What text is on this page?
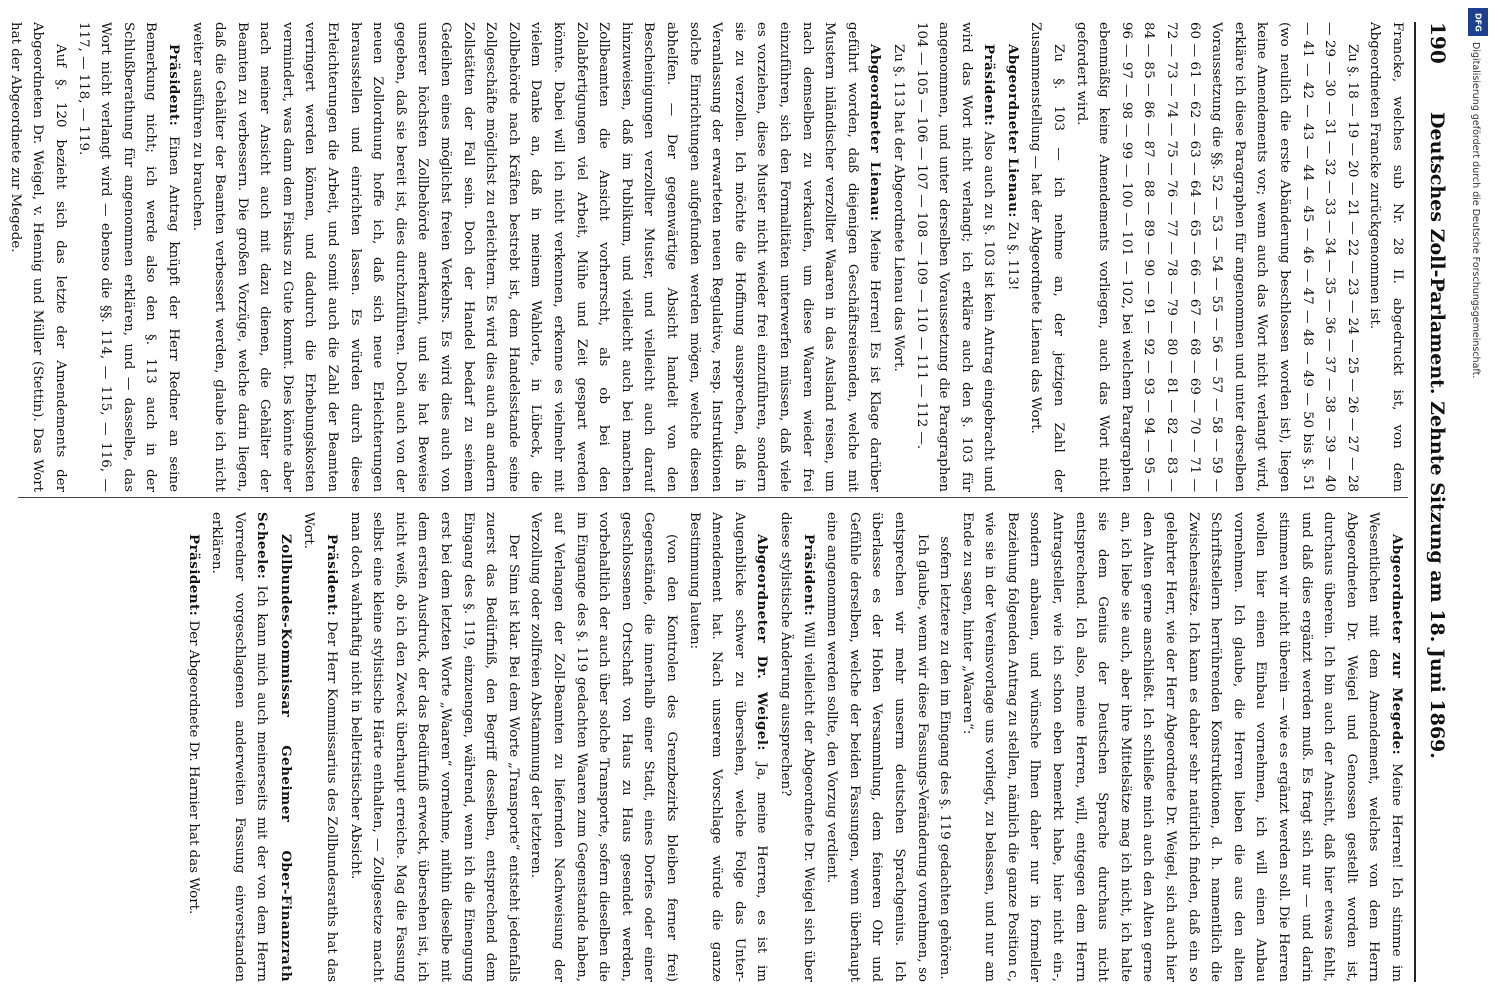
190
Deutsches Zoll-Parlament. Zehnte Sitzung am 18. Juni 1869.

Francke, welches sub Nr. 28 II. abgedruckt ist, von dem Abgeordneten Francke zurückgenommen ist.

Zu §. 18 — 19 — 20 — 21 — 22 — 23 — 24 — 25 — 26 — 27 — 28 — 29 — 30 — 31 — 32 — 33 — 34 — 35 — 36 — 37 — 38 — 39 — 40 — 41 — 42 — 43 — 44 — 45 — 46 — 47 — 48 — 49 — 50 bis §. 51 (wo neulich die erste Abänderung beschlossen worden ist), liegen keine Amendements vor; wenn auch das Wort nicht verlangt wird, erkläre ich diese Paragraphen für angenommen und unter derselben Voraussetzung die §§. 52 — 53 — 54 — 55 — 56 — 57 — 58 — 59 — 60 — 61 — 62 — 63 — 64 — 65 — 66 — 67 — 68 — 69 — 70 — 71 — 72 — 73 — 74 — 75 — 76 — 77 — 78 — 79 — 80 — 81 — 82 — 83 — 84 — 85 — 86 — 87 — 88 — 89 — 90 — 91 — 92 — 93 — 94 — 95 — 96 — 97 — 98 — 99 — 100 — 101 — 102, bei welchem Paragraphen ebenmäßig keine Amendements vorliegen, auch das Wort nicht gefordert wird.

Zu §. 103 — ich nehme an, der jetzigen Zahl der Zusammenstellung — hat der Abgeordnete Lienau das Wort.

Abgeordneter Lienau: Zu §. 113!

Präsident: Also auch zu §. 103 ist kein Antrag eingebracht und wird das Wort nicht verlangt; ich erkläre auch den §. 103 für angenommen, und unter derselben Voraussetzung die Paragraphen 104 — 105 — 106 — 107 — 108 — 109 — 110 — 111 — 112 —.

Zu §. 113 hat der Abgeordnete Lienau das Wort.

Abgeordneter Lienau: Meine Herren! Es ist Klage darüber geführt worden, daß diejenigen Geschäftsreisenden, welche mit Mustern inländischer verzollter Waaren in das Ausland reisen, um nach demselben zu verkaufen, um diese Waaren wieder frei einzuführen, sich den Formalitäten unterwerfen müssen, daß viele es vorziehen, diese Muster nicht wieder frei einzuführen, sondern sie zu verzollen. Ich möchte die Hoffnung aussprechen, daß in Veranlassung der erwarteten neuen Regulative, resp. Instruktionen solche Einrichtungen aufgefunden werden mögen, welche diesen abhelfen. — Der gegenwärtige Absicht handelt von den Bescheinigungen verzollter Muster, und vielleicht auch darauf hinzuweisen, daß im Publikum, und vielleicht auch bei manchen Zollbeamten die Ansicht vorherrscht, als ob bei den Zollabfertigungen viel Arbeit, Mühe und Zeit gespart werden könnte. Dabei will ich nicht verkennen, erkenne es vielmehr mit vielem Danke an, daß in meinem Wahlorte, in Lübeck, die Zollbehörde nach Kräften bestrebt ist, dem Handelsstande seine Zollgeschäfte möglichst zu erleichtern. Es wird dies auch an andern Zollstätten der Fall sein. Doch der Handel bedarf zu seinem Gedeihen eines möglichst freien Verkehrs. Es wird dies auch von unserer höchsten Zollbehörde anerkannt, und sie hat Beweise gegeben, daß sie bereit ist, dies durchzuführen. Doch auch von der neuen Zollordnung hoffe ich, daß sich neue Erleichterungen herausstellen und einrichten lassen. Es würden durch diese Erleichterungen die Arbeit, und somit auch die Zahl der Beamten verringert werden können, und dadurch die Erhebungskosten vermindert, was dann dem Fiskus zu Gute kommt. Dies könnte aber nach meiner Ansicht auch mit dazu dienen, die Gehälter der Beamten zu verbessern. Die großen Vorzüge, welche darin liegen, daß die Gehälter der Beamten verbessert werden, glaube ich nicht weiter ausführen zu brauchen.

Präsident: Einen Antrag knüpft der Herr Redner an seine Bemerkung nicht; ich werde also den §. 113 auch in der Schlußberathung für angenommen erklären, und — dasselbe, das Wort nicht verlangt wird — ebenso die §§. 114, — 115, — 116, — 117, — 118, — 119.

Auf §. 120 bezieht sich das letzte der Amendements der Abgeordneten Dr. Weigel, v. Hennig und Müller (Stettin). Das Wort hat der Abgeordnete zur Megede.

Abgeordneter zur Megede: Meine Herren! Ich stimme im Wesentlichen mit dem Amendement, welches von dem Herrn Abgeordneten Dr. Weigel und Genossen gestellt worden ist, durchaus überein. Ich bin auch der Ansicht, daß hier etwas fehlt, und daß dies ergänzt werden muß. Es fragt sich nur — und darin stimmen wir nicht überein — wie es ergänzt werden soll. Die Herren wollen hier einen Einbau vornehmen, ich will einen Anbau vornehmen. Ich glaube, die Herren lieben die aus den alten Schriftstellern herrührenden Konstruktionen, d. h. namentlich die Zwischensätze. Ich kann es daher sehr natürlich finden, daß ein so gelehrter Herr, wie der Herr Abgeordnete Dr. Weigel, sich auch hier den Alten gerne anschließt. Ich schließe mich auch den Alten gerne an, ich liebe sie auch, aber ihre Mittelsätze mag ich nicht, ich halte sie dem Genius der Deutschen Sprache durchaus nicht entsprechend. Ich also, meine Herren, will, entgegen dem Herrn Antragsteller, wie ich schon eben bemerkt habe, hier nicht ein-, sondern anbauen, und wünsche Ihnen daher nur in formeller Beziehung folgenden Antrag zu stellen, nämlich die ganze Position c, wie sie in der Vereinsvorlage uns vorliegt, zu belassen, und nur am Ende zu sagen, hinter „Waaren“:

sofern letztere zu den im Eingang des §. 119 gedachten gehören.

Ich glaube, wenn wir diese Fassungs-Veränderung vornehmen, so entsprechen wir mehr unserm deutschen Sprachgenius. Ich überlasse es der Hohen Versammlung, dem feineren Ohr und Gefühle derselben, welche der beiden Fassungen, wenn überhaupt eine angenommen werden sollte, den Vorzug verdient.

Präsident: Will vielleicht der Abgeordnete Dr. Weigel sich über diese stylistische Änderung aussprechen?

Abgeordneter Dr. Weigel: Ja, meine Herren, es ist im Augenblicke schwer zu übersehen, welche Folge das Unter-Amendement hat. Nach unserem Vorschlage würde die ganze Bestimmung lauten:

(von den Kontrolen des Grenzbezirks bleiben ferner frei) Gegenstände, die innerhalb einer Stadt, eines Dorfes oder einer geschlossenen Ortschaft von Haus zu Haus gesendet werden, vorbehaltlich der auch über solche Transporte, sofern dieselben die im Eingange des §. 119 gedachten Waaren zum Gegenstande haben, auf Verlangen der Zoll-Beamten zu liefernden Nachweisung der Verzollung oder zollfreien Abstammung der letzteren.

Der Sinn ist klar. Bei dem Worte „Transporte“ entsteht jedenfalls zuerst das Bedürfniß, den Begriff desselben, entsprechend dem Eingang des §. 119, einzuengen, während, wenn ich die Einengung erst bei dem letzten Worte „Waaren“ vornehme, mithin dieselbe mit dem ersten Ausdruck, der das Bedürfniß erweckt, übersehen ist, ich nicht weiß, ob ich den Zweck überhaupt erreiche. Mag die Fassung selbst eine kleine stylistische Härte enthalten, — Zollgesetze macht man doch wahrhaftig nicht in belletristischer Absicht.

Präsident: Der Herr Kommissarius des Zollbundesraths hat das Wort.

Zollbundes-Kommissar Geheimer Ober-Finanzrath Scheele: Ich kann mich auch meinerseits mit der von dem Herrn Vorredner vorgeschlagenen anderweiten Fassung einverstanden erklären.

Präsident: Der Abgeordnete Dr. Harnier hat das Wort.

DFG
Digitalisierung gefördert durch die Deutsche Forschungsgemeinschaft.
